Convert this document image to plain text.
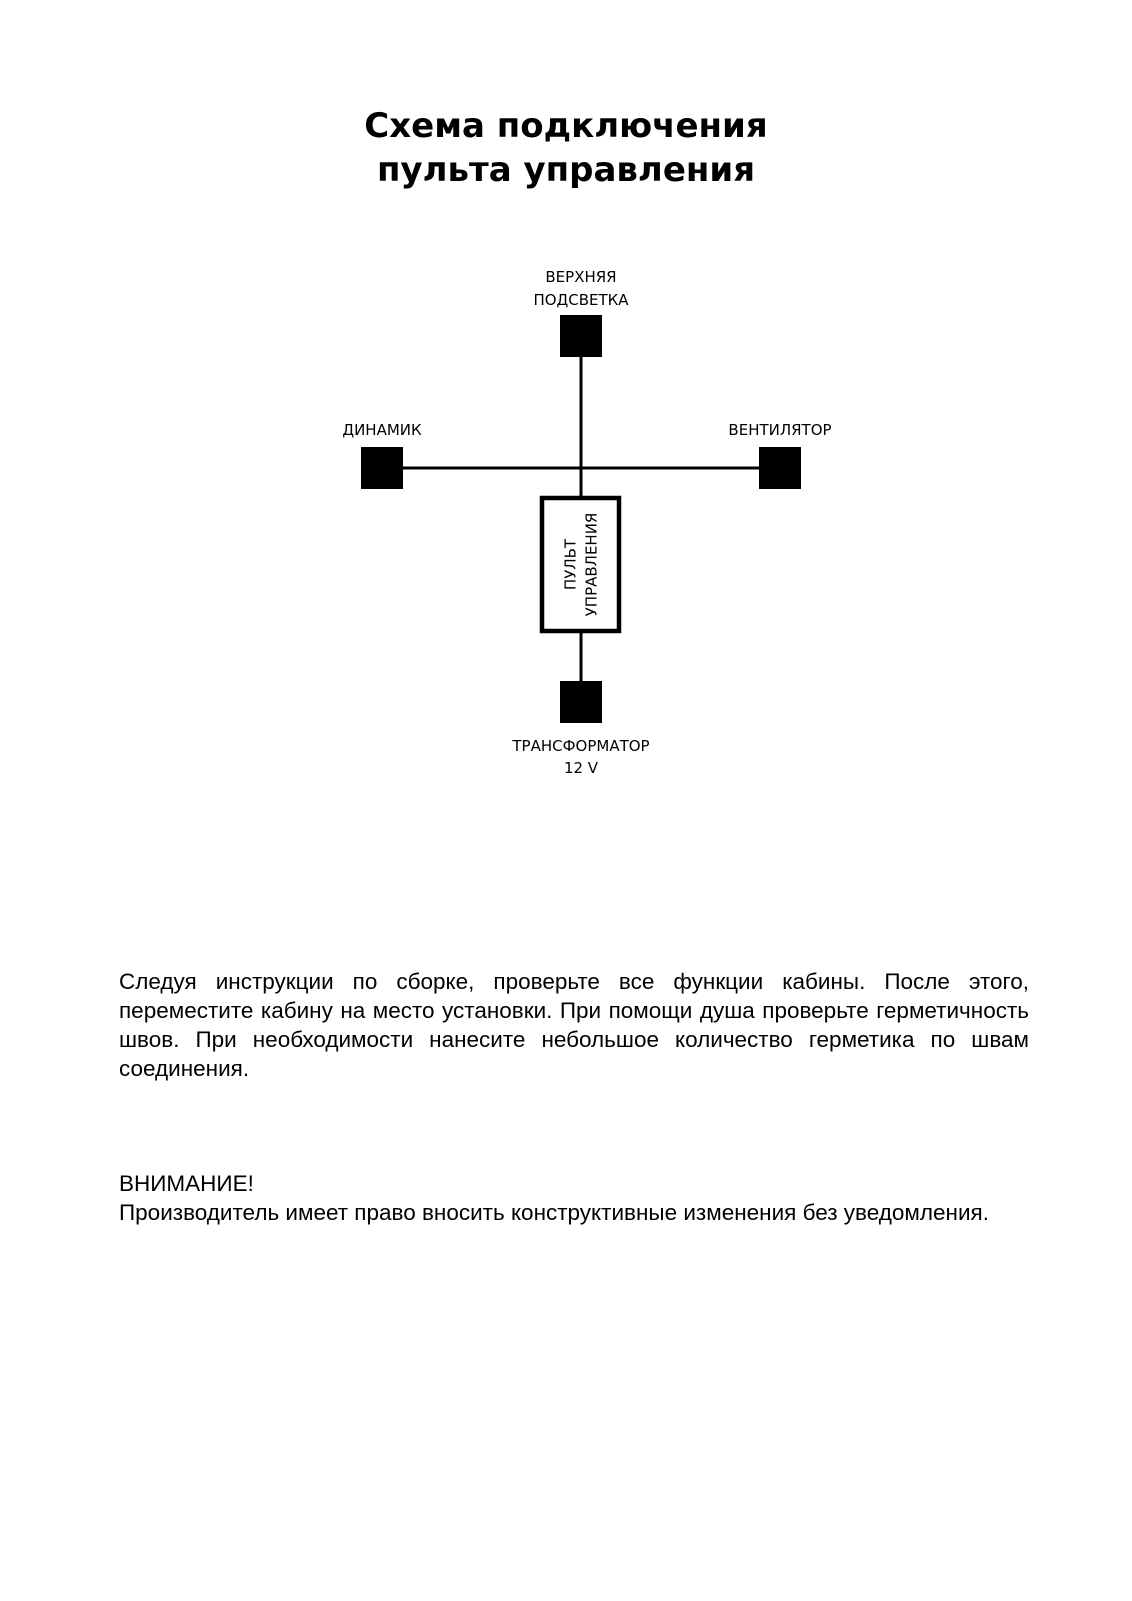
Схема подключения
пульта управления
ВЕРХНЯЯ
ПОДСВЕТКА
ДИНАМИК	ВЕНТИЛЯТОР
ТРАНСФОРМАТОР
12 V
ПУЛЬТ УПРАВЛЕНИЯ

Следуя инструкции по сборке, проверьте все функции кабины. После этого, переместите кабину на место установки. При помощи душа проверьте герметичность швов. При необходимости нанесите небольшое количество герметика по швам соединения.

ВНИМАНИЕ!

Производитель имеет право вносить конструктивные изменения без уведомления.
